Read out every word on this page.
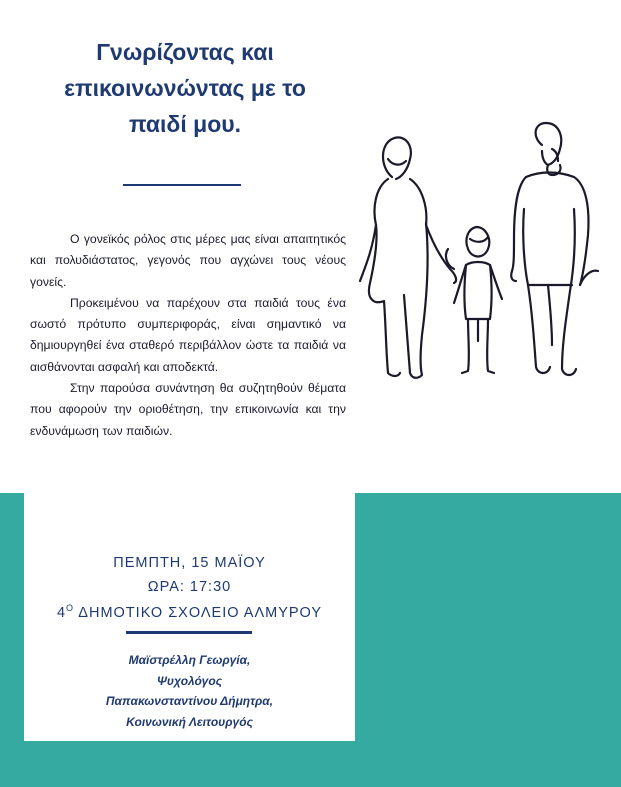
Γνωρίζοντας και
επικοινωνώντας με το
παιδί μου.

Ο γονεϊκός ρόλος στις μέρες μας είναι απαιτητικός και πολυδιάστατος, γεγονός που αγχώνει τους νέους γονείς.

Προκειμένου να παρέχουν στα παιδιά τους ένα σωστό πρότυπο συμπεριφοράς, είναι σημαντικό να δημιουργηθεί ένα σταθερό περιβάλλον ώστε τα παιδιά να αισθάνονται ασφαλή και αποδεκτά.

Στην παρούσα συνάντηση θα συζητηθούν θέματα που αφορούν την οριοθέτηση, την επικοινωνία και την ενδυνάμωση των παιδιών.

ΠΕΜΠΤΗ, 15 ΜΑΪΟΥ
ΩΡΑ: 17:30
$4^O$ ΔΗΜΟΤΙΚΟ ΣΧΟΛΕΙΟ ΑΛΜΥΡΟΥ
Μαϊστρέλλη Γεωργία,
Ψυχολόγος
Παπακωνσταντίνου Δήμητρα,
Κοινωνική Λειτουργός
